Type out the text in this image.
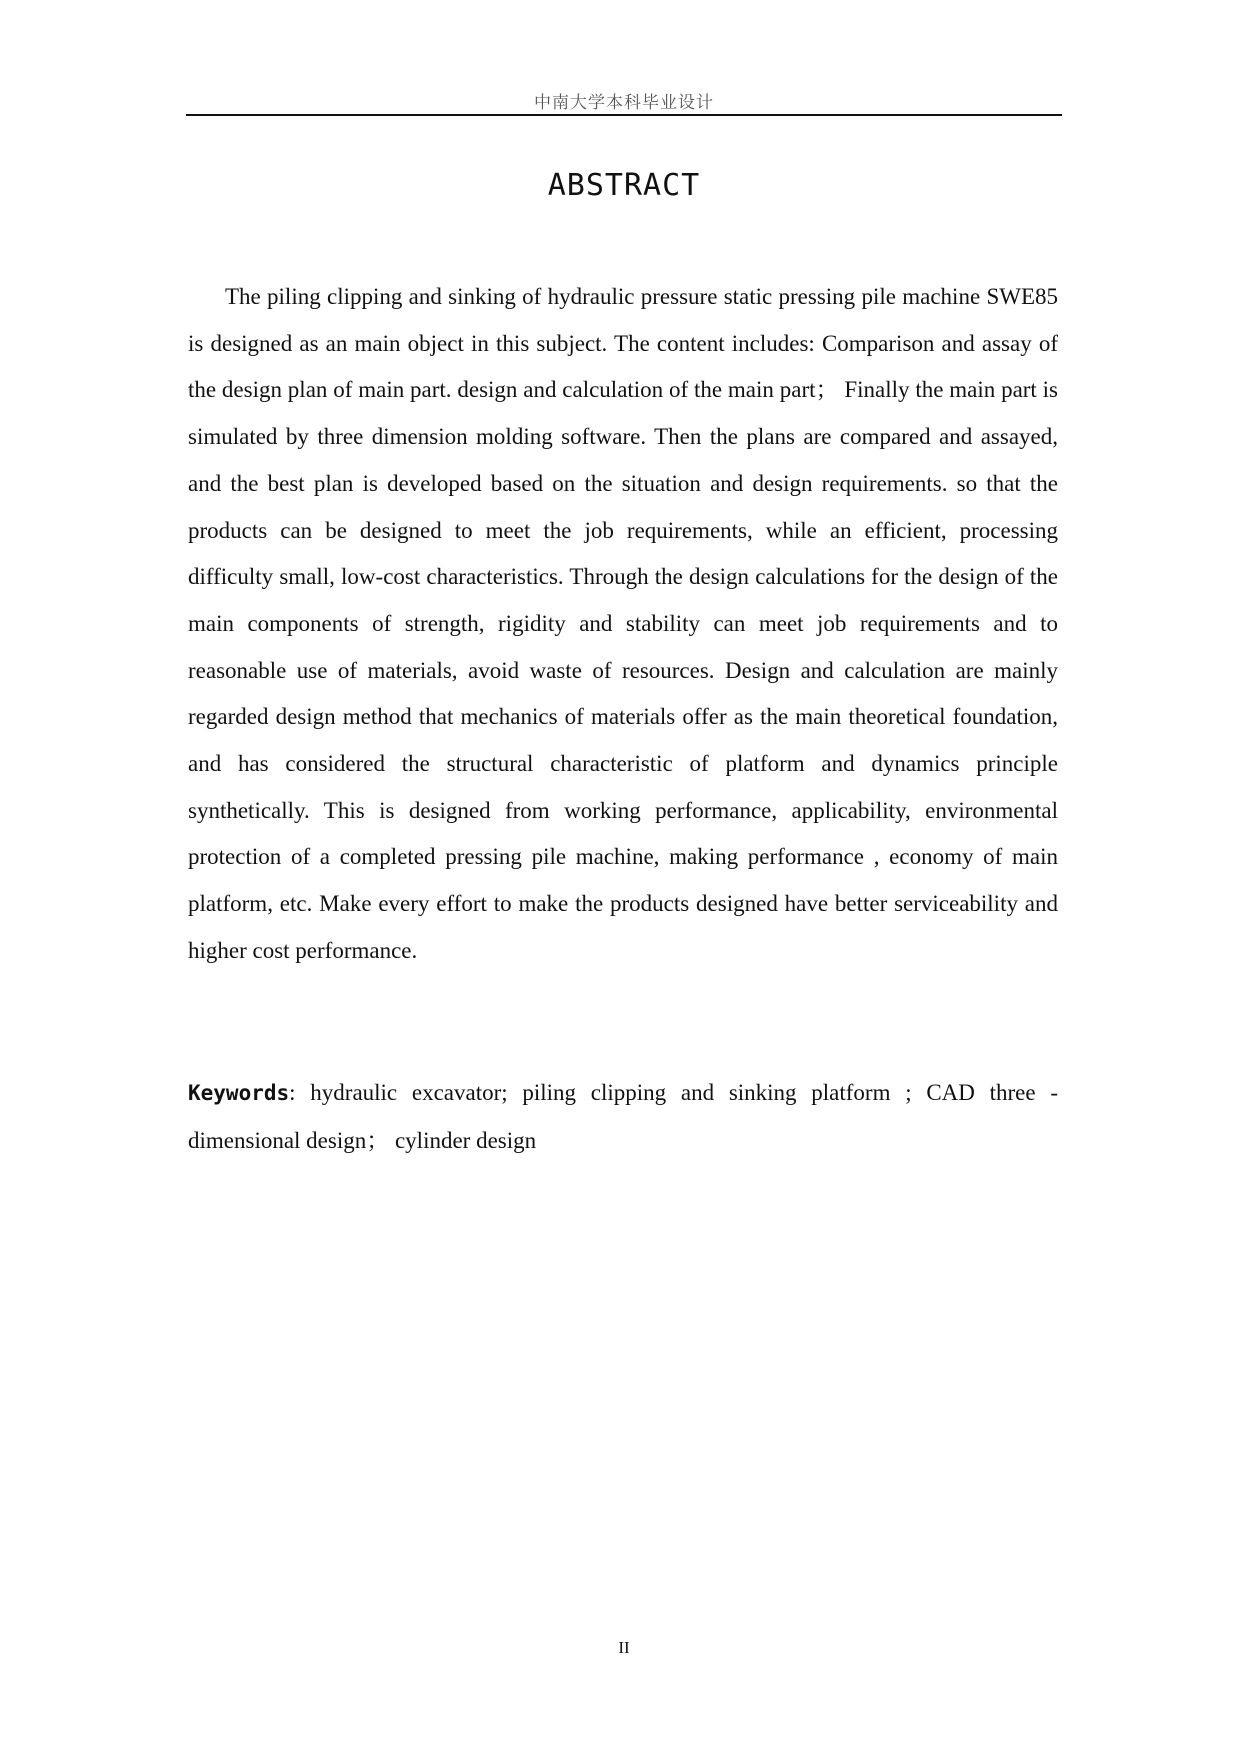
中南大学本科毕业设计
ABSTRACT

The piling clipping and sinking of hydraulic pressure static pressing pile machine SWE85 is designed as an main object in this subject. The content includes: Comparison and assay of the design plan of main part. design and calculation of the main part； Finally the main part is simulated by three dimension molding software. Then the plans are compared and assayed, and the best plan is developed based on the situation and design requirements. so that the products can be designed to meet the job requirements, while an efficient, processing difficulty small, low-cost characteristics. Through the design calculations for the design of the main components of strength, rigidity and stability can meet job requirements and to reasonable use of materials, avoid waste of resources. Design and calculation are mainly regarded design method that mechanics of materials offer as the main theoretical foundation, and has considered the structural characteristic of platform and dynamics principle synthetically. This is designed from working performance, applicability, environmental protection of a completed pressing pile machine, making performance , economy of main platform, etc. Make every effort to make the products designed have better serviceability and higher cost performance.

Keywords: hydraulic excavator; piling clipping and sinking platform ; CAD three - dimensional design； cylinder design

II
